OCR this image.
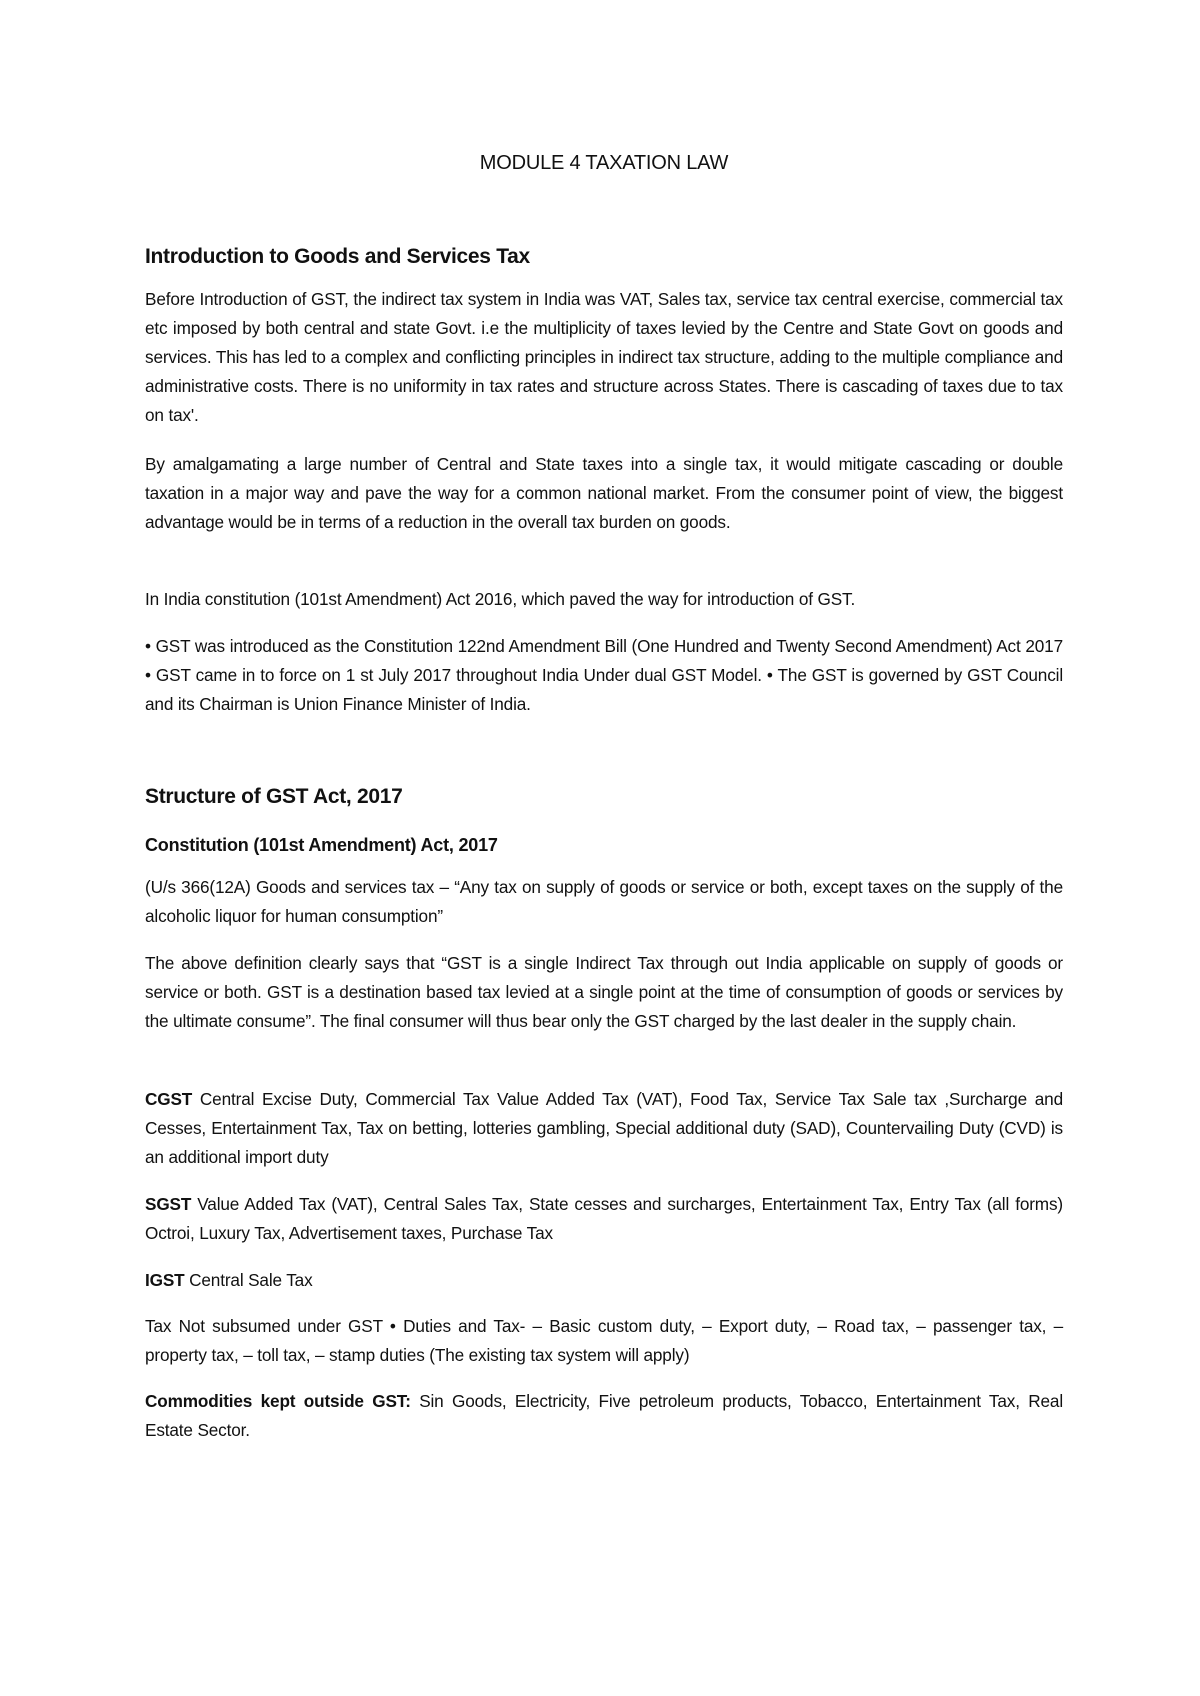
MODULE 4 TAXATION LAW
Introduction to Goods and Services Tax

Before Introduction of GST, the indirect tax system in India was VAT, Sales tax, service tax central exercise, commercial tax etc imposed by both central and state Govt. i.e the multiplicity of taxes levied by the Centre and State Govt on goods and services. This has led to a complex and conflicting principles in indirect tax structure, adding to the multiple compliance and administrative costs. There is no uniformity in tax rates and structure across States. There is cascading of taxes due to tax on tax'.

By amalgamating a large number of Central and State taxes into a single tax, it would mitigate cascading or double taxation in a major way and pave the way for a common national market. From the consumer point of view, the biggest advantage would be in terms of a reduction in the overall tax burden on goods.

In India constitution (101st Amendment) Act 2016, which paved the way for introduction of GST.

• GST was introduced as the Constitution 122nd Amendment Bill (One Hundred and Twenty Second Amendment) Act 2017 • GST came in to force on 1 st July 2017 throughout India Under dual GST Model. • The GST is governed by GST Council and its Chairman is Union Finance Minister of India.

Structure of GST Act, 2017
Constitution (101st Amendment) Act, 2017

(U/s 366(12A) Goods and services tax – “Any tax on supply of goods or service or both, except taxes on the supply of the alcoholic liquor for human consumption”

The above definition clearly says that “GST is a single Indirect Tax through out India applicable on supply of goods or service or both. GST is a destination based tax levied at a single point at the time of consumption of goods or services by the ultimate consume”. The final consumer will thus bear only the GST charged by the last dealer in the supply chain.

CGST Central Excise Duty, Commercial Tax Value Added Tax (VAT), Food Tax, Service Tax Sale tax ,Surcharge and Cesses, Entertainment Tax, Tax on betting, lotteries gambling, Special additional duty (SAD), Countervailing Duty (CVD) is an additional import duty

SGST Value Added Tax (VAT), Central Sales Tax, State cesses and surcharges, Entertainment Tax, Entry Tax (all forms) Octroi, Luxury Tax, Advertisement taxes, Purchase Tax

IGST Central Sale Tax

Tax Not subsumed under GST • Duties and Tax- – Basic custom duty, – Export duty, – Road tax, – passenger tax, – property tax, – toll tax, – stamp duties (The existing tax system will apply)

Commodities kept outside GST: Sin Goods, Electricity, Five petroleum products, Tobacco, Entertainment Tax, Real Estate Sector.
